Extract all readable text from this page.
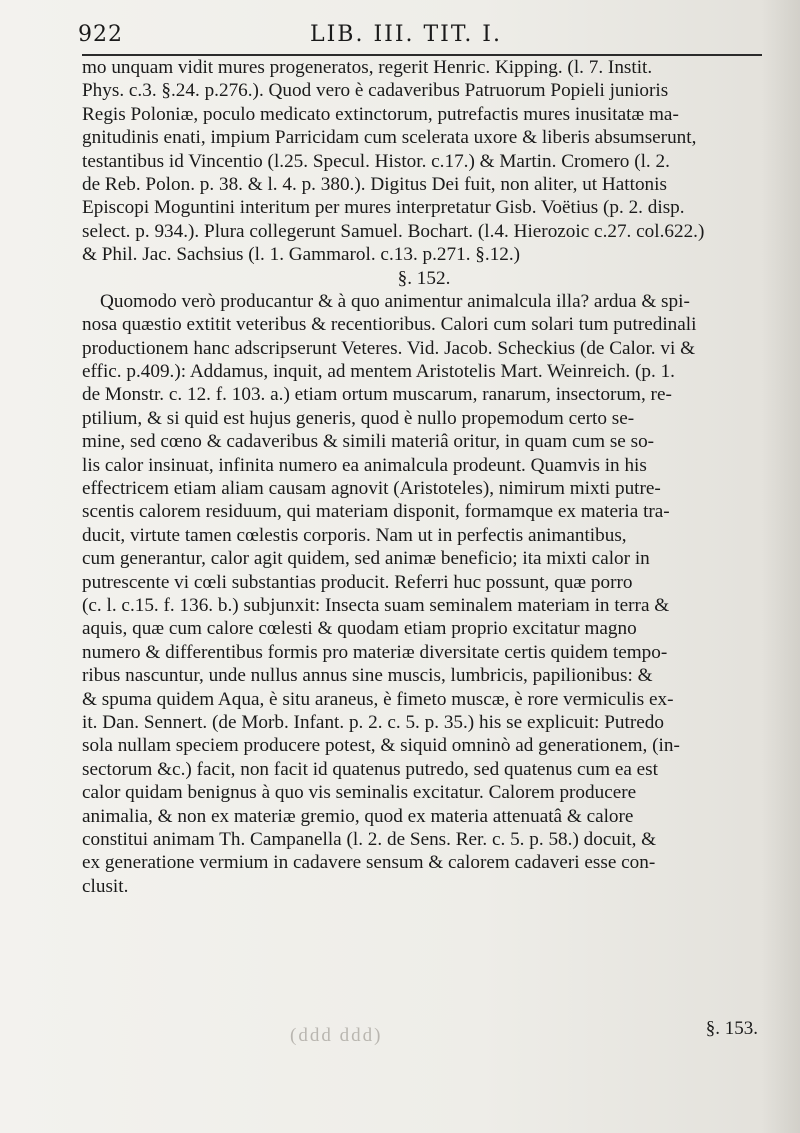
922	LIB. III. TIT. I.
mo unquam vidit mures progeneratos, regerit Henric. Kipping. (l. 7. Instit.
Phys. c.3. §.24. p.276.). Quod vero è cadaveribus Patruorum Popieli junioris
Regis Poloniæ, poculo medicato extinctorum, putrefactis mures inusitatæ ma-
gnitudinis enati, impium Parricidam cum scelerata uxore & liberis absumserunt,
testantibus id Vincentio (l.25. Specul. Histor. c.17.) & Martin. Cromero (l. 2.
de Reb. Polon. p. 38. & l. 4. p. 380.). Digitus Dei fuit, non aliter, ut Hattonis
Episcopi Moguntini interitum per mures interpretatur Gisb. Voëtius (p. 2. disp.
select. p. 934.). Plura collegerunt Samuel. Bochart. (l.4. Hierozoic c.27. col.622.)
& Phil. Jac. Sachsius (l. 1. Gammarol. c.13. p.271. §.12.)
§. 152.
Quomodo verò producantur & à quo animentur animalcula illa? ardua & spi-
nosa quæstio extitit veteribus & recentioribus. Calori cum solari tum putredinali
productionem hanc adscripserunt Veteres. Vid. Jacob. Scheckius (de Calor. vi &
effic. p.409.): Addamus, inquit, ad mentem Aristotelis Mart. Weinreich. (p. 1.
de Monstr. c. 12. f. 103. a.) etiam ortum muscarum, ranarum, insectorum, re-
ptilium, & si quid est hujus generis, quod è nullo propemodum certo se-
mine, sed cœno & cadaveribus & simili materiâ oritur, in quam cum se so-
lis calor insinuat, infinita numero ea animalcula prodeunt. Quamvis in his
effectricem etiam aliam causam agnovit (Aristoteles), nimirum mixti putre-
scentis calorem residuum, qui materiam disponit, formamque ex materia tra-
ducit, virtute tamen cœlestis corporis. Nam ut in perfectis animantibus,
cum generantur, calor agit quidem, sed animæ beneficio; ita mixti calor in
putrescente vi cœli substantias producit. Referri huc possunt, quæ porro
(c. l. c.15. f. 136. b.) subjunxit: Insecta suam seminalem materiam in terra &
aquis, quæ cum calore cœlesti & quodam etiam proprio excitatur magno
numero & differentibus formis pro materiæ diversitate certis quidem tempo-
ribus nascuntur, unde nullus annus sine muscis, lumbricis, papilionibus: &
& spuma quidem Aqua, è situ araneus, è fimeto muscæ, è rore vermiculis ex-
it. Dan. Sennert. (de Morb. Infant. p. 2. c. 5. p. 35.) his se explicuit: Putredo
sola nullam speciem producere potest, & siquid omninò ad generationem, (in-
sectorum &c.) facit, non facit id quatenus putredo, sed quatenus cum ea est
calor quidam benignus à quo vis seminalis excitatur. Calorem producere
animalia, & non ex materiæ gremio, quod ex materia attenuatâ & calore
constitui animam Th. Campanella (l. 2. de Sens. Rer. c. 5. p. 58.) docuit, &
ex generatione vermium in cadavere sensum & calorem cadaveri esse con-
clusit.
(ddd ddd)	§. 153.
